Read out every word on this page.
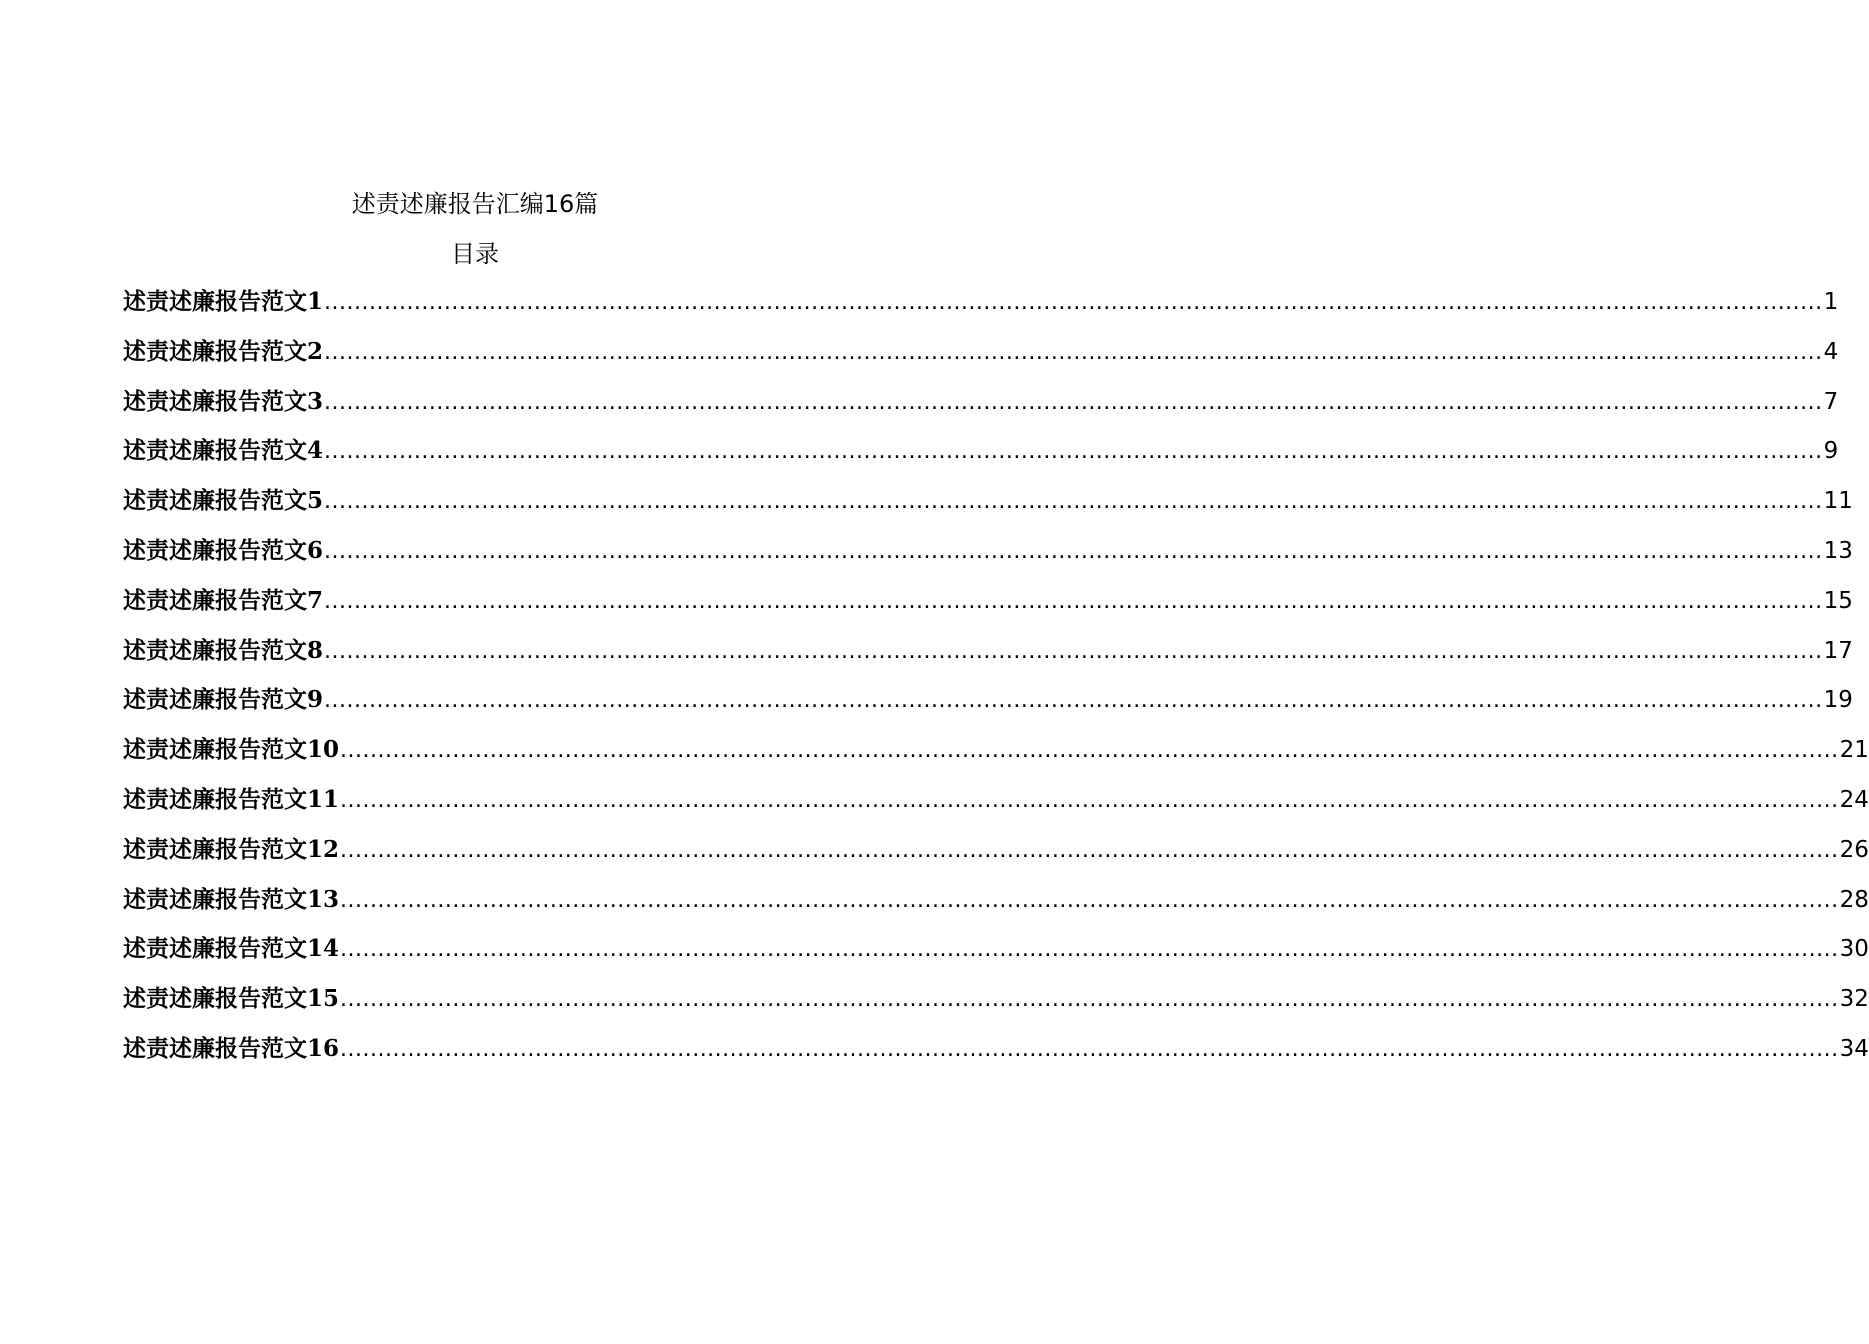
述责述廉报告汇编16篇
目录
述责述廉报告范文1 ........................................................................................................................................................................................................ 1
述责述廉报告范文2 ........................................................................................................................................................................................................ 4
述责述廉报告范文3 ........................................................................................................................................................................................................ 7
述责述廉报告范文4 ........................................................................................................................................................................................................ 9
述责述廉报告范文5 ........................................................................................................................................................................................................ 11
述责述廉报告范文6 ........................................................................................................................................................................................................ 13
述责述廉报告范文7 ........................................................................................................................................................................................................ 15
述责述廉报告范文8 ........................................................................................................................................................................................................ 17
述责述廉报告范文9 ........................................................................................................................................................................................................ 19
述责述廉报告范文10 ........................................................................................................................................................................................................ 21
述责述廉报告范文11 ........................................................................................................................................................................................................ 24
述责述廉报告范文12 ........................................................................................................................................................................................................ 26
述责述廉报告范文13 ........................................................................................................................................................................................................ 28
述责述廉报告范文14 ........................................................................................................................................................................................................ 30
述责述廉报告范文15 ........................................................................................................................................................................................................ 32
述责述廉报告范文16 ........................................................................................................................................................................................................ 34
